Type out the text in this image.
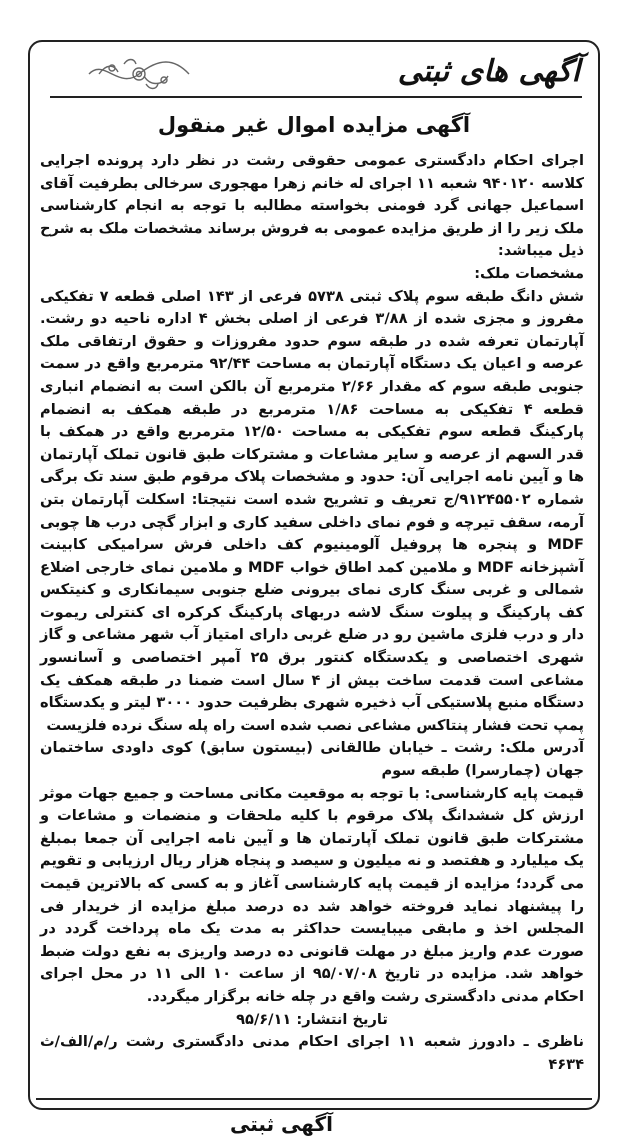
آگهی های ثبتی
آگهی مزایده اموال غیر منقول

اجرای احکام دادگستری عمومی حقوقی رشت در نظر دارد پرونده اجرایی کلاسه ۹۴۰۱۲۰ شعبه ۱۱ اجرای له خانم زهرا مهجوری سرخالی بطرفیت آقای اسماعیل جهانی گرد فومنی بخواسته مطالبه با توجه به انجام کارشناسی ملک زیر را از طریق مزایده عمومی به فروش برساند مشخصات ملک به شرح ذیل میباشد:

مشخصات ملک:

شش دانگ طبقه سوم پلاک ثبتی ۵۷۳۸ فرعی از ۱۴۳ اصلی قطعه ۷ تفکیکی مفروز و مجزی شده از ۳/۸۸ فرعی از اصلی بخش ۴ اداره ناحیه دو رشت. آپارتمان تعرفه شده در طبقه سوم حدود مفروزات و حقوق ارتفاقی ملک عرصه و اعیان یک دستگاه آپارتمان به مساحت ۹۲/۴۴ مترمربع واقع در سمت جنوبی طبقه سوم که مقدار ۲/۶۶ مترمربع آن بالکن است به انضمام انباری قطعه ۴ تفکیکی به مساحت ۱/۸۶ مترمربع در طبقه همکف به انضمام پارکینگ قطعه سوم تفکیکی به مساحت ۱۲/۵۰ مترمربع واقع در همکف با قدر السهم از عرصه و سایر مشاعات و مشترکات طبق قانون تملک آپارتمان ها و آیین نامه اجرایی آن: حدود و مشخصات پلاک مرقوم طبق سند تک برگی شماره ۹۱۲۴۵۵۰۲/ج تعریف و تشریح شده است نتیجتا: اسکلت آپارتمان بتن آرمه، سقف تیرچه و فوم نمای داخلی سفید کاری و ابزار گچی درب ها چوبی MDF و پنجره ها پروفیل آلومینیوم کف داخلی فرش سرامیکی کابینت آشپزخانه MDF و ملامین کمد اطاق خواب MDF و ملامین نمای خارجی اضلاع شمالی و غربی سنگ کاری نمای بیرونی ضلع جنوبی سیمانکاری و کنیتکس کف پارکینگ و پیلوت سنگ لاشه دربهای پارکینگ کرکره ای کنترلی ریموت دار و درب فلزی ماشین رو در ضلع غربی دارای امتیاز آب شهر مشاعی و گاز شهری اختصاصی و یکدستگاه کنتور برق ۲۵ آمپر اختصاصی و آسانسور مشاعی است قدمت ساخت بیش از ۴ سال است ضمنا در طبقه همکف یک دستگاه منبع پلاستیکی آب ذخیره شهری بظرفیت حدود ۳۰۰۰ لیتر و یکدستگاه پمپ تحت فشار پنتاکس مشاعی نصب شده است راه پله سنگ نرده فلزیست

آدرس ملک: رشت ـ خیابان طالقانی (بیستون سابق) کوی داودی ساختمان جهان (چمارسرا) طبقه سوم

قیمت پایه کارشناسی: با توجه به موقعیت مکانی مساحت و جمیع جهات موثر ارزش کل ششدانگ پلاک مرقوم با کلیه ملحقات و منضمات و مشاعات و مشترکات طبق قانون تملک آپارتمان ها و آیین نامه اجرایی آن جمعا بمبلغ یک میلیارد و هفتصد و نه میلیون و سیصد و پنجاه هزار ریال ارزیابی و تقویم می گردد؛ مزایده از قیمت پایه کارشناسی آغاز و به کسی که بالاترین قیمت را پیشنهاد نماید فروخته خواهد شد ده درصد مبلغ مزایده از خریدار فی المجلس اخذ و مابقی میبایست حداکثر به مدت یک ماه پرداخت گردد در صورت عدم واریز مبلغ در مهلت قانونی ده درصد واریزی به نفع دولت ضبط خواهد شد. مزایده در تاریخ ۹۵/۰۷/۰۸ از ساعت ۱۰ الی ۱۱ در محل اجرای احکام مدنی دادگستری رشت واقع در چله خانه برگزار میگردد.

تاریخ انتشار: ۹۵/۶/۱۱

ناظری ـ دادورز شعبه ۱۱ اجرای احکام مدنی دادگستری رشت ر/م/الف/ث ۴۶۳۴

آگهی ثبتی
